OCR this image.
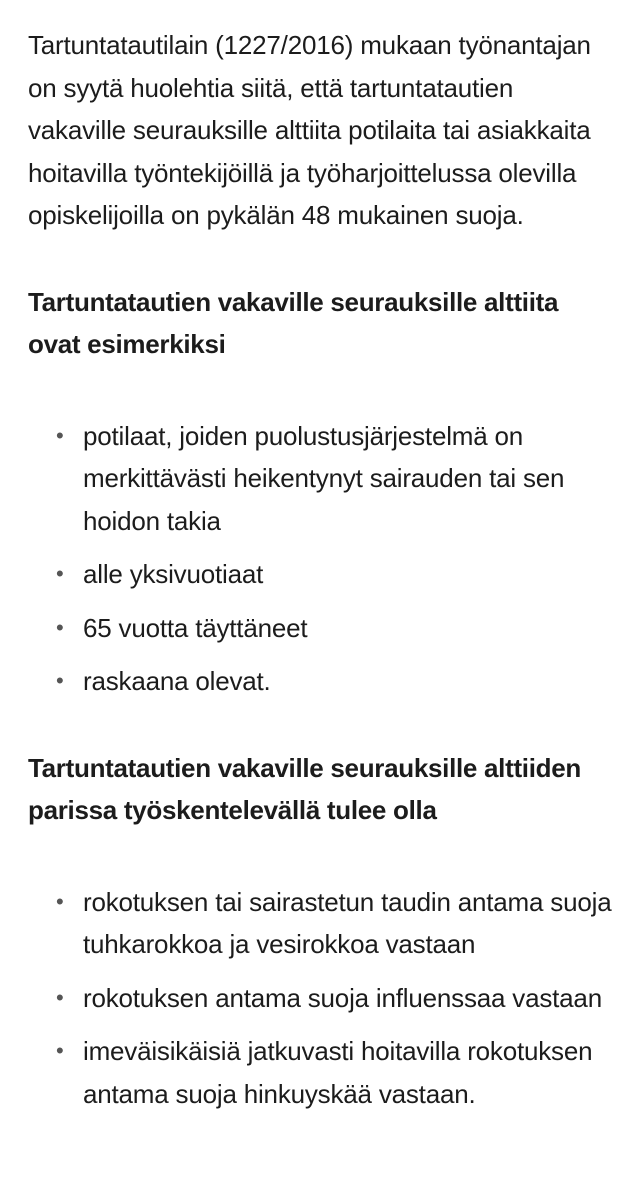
Tartuntatautilain (1227/2016) mukaan työnantajan on syytä huolehtia siitä, että tartuntatautien vakaville seurauksille alttiita potilaita tai asiakkaita hoitavilla työntekijöillä ja työharjoittelussa olevilla opiskelijoilla on pykälän 48 mukainen suoja.

Tartuntatautien vakaville seurauksille alttiita ovat esimerkiksi
• potilaat, joiden puolustusjärjestelmä on merkittävästi heikentynyt sairauden tai sen hoidon takia
• alle yksivuotiaat
• 65 vuotta täyttäneet
• raskaana olevat.
Tartuntatautien vakaville seurauksille alttiiden parissa työskentelevällä tulee olla
• rokotuksen tai sairastetun taudin antama suoja tuhkarokkoa ja vesirokkoa vastaan
• rokotuksen antama suoja influenssaa vastaan
• imeväisikäisiä jatkuvasti hoitavilla rokotuksen antama suoja hinkuyskää vastaan.
